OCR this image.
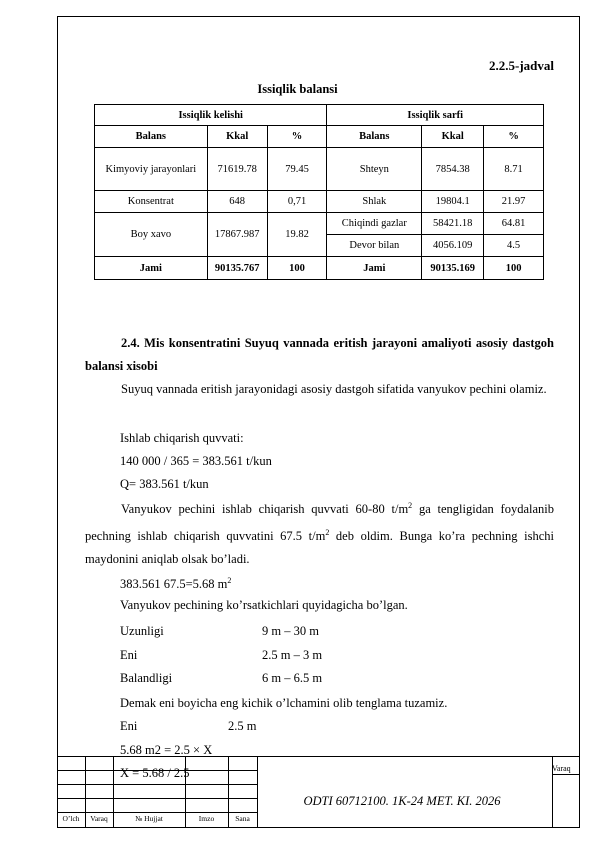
2.2.5-jadval
Issiqlik balansi
Issiqlik kelishi			Issiqlik sarfi		
Balans	Kkal	%	Balans	Kkal	%
Kimyoviy jarayonlari	71619.78	79.45	Shteyn	7854.38	8.71
Konsentrat	648	0,71	Shlak	19804.1	21.97
Boy xavo	17867.987	19.82	Chiqindi gazlar	58421.18	64.81
			Devor bilan	4056.109	4.5
Jami	90135.767	100	Jami	90135.169	100
2.4. Mis konsentratini Suyuq vannada eritish jarayoni amaliyoti asosiy dastgoh balansi xisobi
Suyuq vannada eritish jarayonidagi asosiy dastgoh sifatida vanyukov pechini olamiz.
Ishlab chiqarish quvvati:
140 000 / 365 = 383.561 t/kun
Q= 383.561 t/kun
Vanyukov pechini ishlab chiqarish quvvati 60-80 $t/m^2$ ga tengligidan foydalanib pechning ishlab chiqarish quvvatini 67.5 $t/m^2$ deb oldim. Bunga ko’ra pechning ishchi maydonini aniqlab olsak bo’ladi.
383.561 67.5=5.68 $m^2$
Vanyukov pechining ko’rsatkichlari quyidagicha bo’lgan.
Uzunligi	9 m – 30 m
Eni	2.5 m – 3 m
Balandligi	6 m – 6.5 m
Demak eni boyicha eng kichik o’lchamini olib tenglama tuzamiz.
Eni	2.5 m
5.68 m2 = 2.5 × X
X = 5.68 / 2.5
O’lch	Varaq	№ Hujjat	Imzo	Sana
ODTI 60712100. 1K-24 MET. KI. 2026
Varaq
